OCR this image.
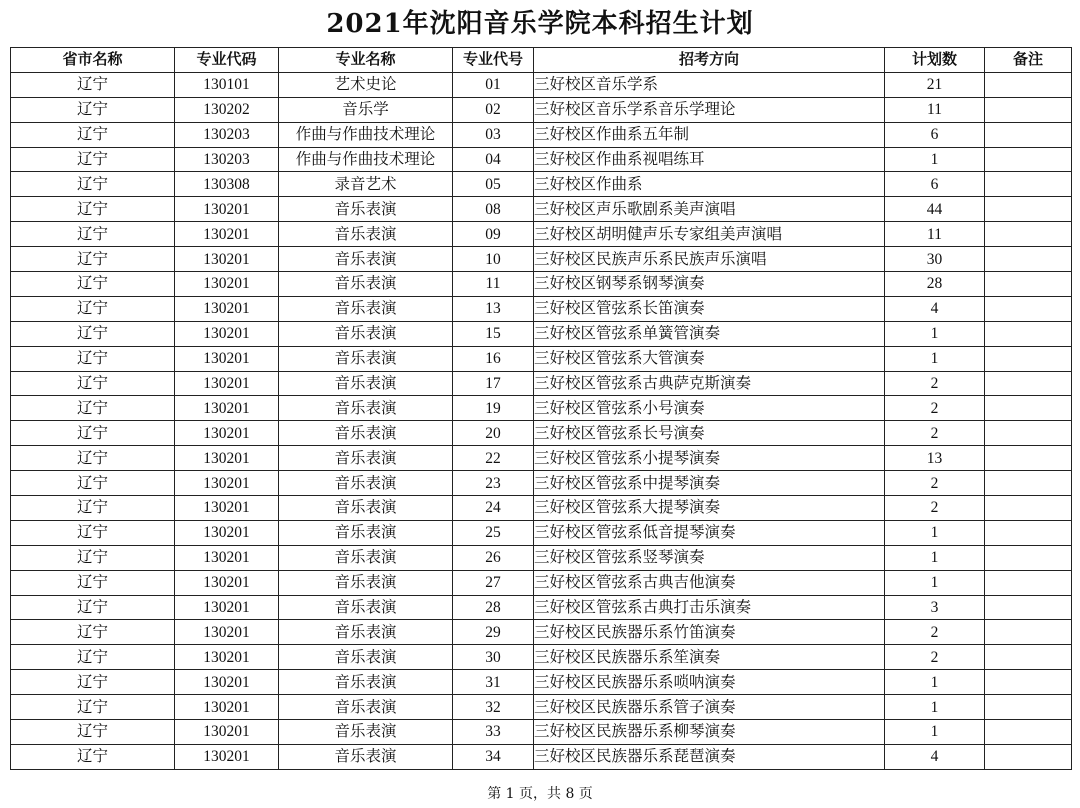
2021年沈阳音乐学院本科招生计划
省市名称	专业代码	专业名称	专业代号	招考方向	计划数	备注
辽宁	130101	艺术史论	01	三好校区音乐学系	21	
辽宁	130202	音乐学	02	三好校区音乐学系音乐学理论	11	
辽宁	130203	作曲与作曲技术理论	03	三好校区作曲系五年制	6	
辽宁	130203	作曲与作曲技术理论	04	三好校区作曲系视唱练耳	1	
辽宁	130308	录音艺术	05	三好校区作曲系	6	
辽宁	130201	音乐表演	08	三好校区声乐歌剧系美声演唱	44	
辽宁	130201	音乐表演	09	三好校区胡明健声乐专家组美声演唱	11	
辽宁	130201	音乐表演	10	三好校区民族声乐系民族声乐演唱	30	
辽宁	130201	音乐表演	11	三好校区钢琴系钢琴演奏	28	
辽宁	130201	音乐表演	13	三好校区管弦系长笛演奏	4	
辽宁	130201	音乐表演	15	三好校区管弦系单簧管演奏	1	
辽宁	130201	音乐表演	16	三好校区管弦系大管演奏	1	
辽宁	130201	音乐表演	17	三好校区管弦系古典萨克斯演奏	2	
辽宁	130201	音乐表演	19	三好校区管弦系小号演奏	2	
辽宁	130201	音乐表演	20	三好校区管弦系长号演奏	2	
辽宁	130201	音乐表演	22	三好校区管弦系小提琴演奏	13	
辽宁	130201	音乐表演	23	三好校区管弦系中提琴演奏	2	
辽宁	130201	音乐表演	24	三好校区管弦系大提琴演奏	2	
辽宁	130201	音乐表演	25	三好校区管弦系低音提琴演奏	1	
辽宁	130201	音乐表演	26	三好校区管弦系竖琴演奏	1	
辽宁	130201	音乐表演	27	三好校区管弦系古典吉他演奏	1	
辽宁	130201	音乐表演	28	三好校区管弦系古典打击乐演奏	3	
辽宁	130201	音乐表演	29	三好校区民族器乐系竹笛演奏	2	
辽宁	130201	音乐表演	30	三好校区民族器乐系笙演奏	2	
辽宁	130201	音乐表演	31	三好校区民族器乐系唢呐演奏	1	
辽宁	130201	音乐表演	32	三好校区民族器乐系管子演奏	1	
辽宁	130201	音乐表演	33	三好校区民族器乐系柳琴演奏	1	
辽宁	130201	音乐表演	34	三好校区民族器乐系琵琶演奏	4	
第 1 页，共 8 页
